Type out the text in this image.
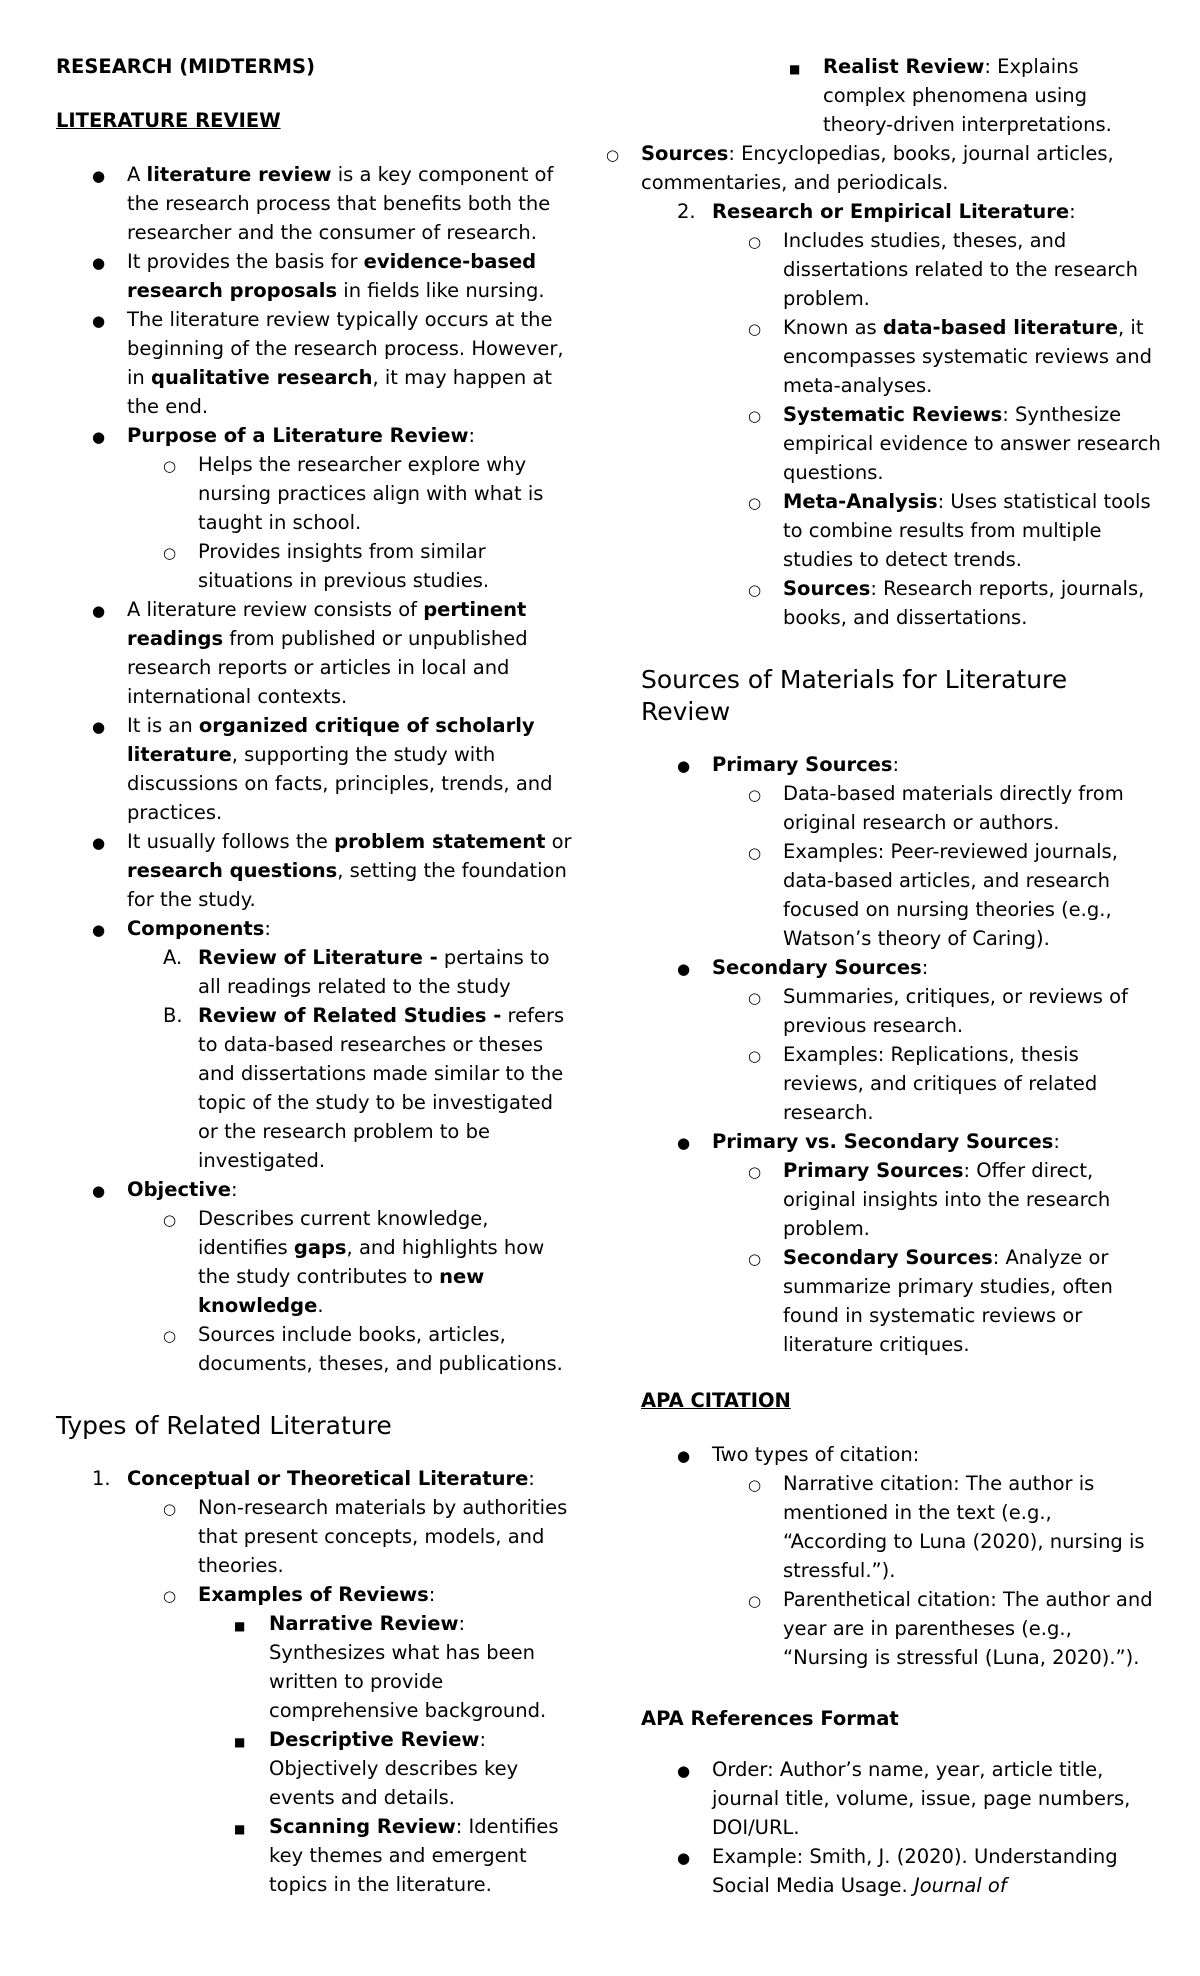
RESEARCH (MIDTERMS)
LITERATURE REVIEW
●
A literature review is a key component of the research process that benefits both the researcher and the consumer of research.
●
It provides the basis for evidence-based research proposals in fields like nursing.
●
The literature review typically occurs at the beginning of the research process. However, in qualitative research, it may happen at the end.
●
Purpose of a Literature Review:
○
Helps the researcher explore why nursing practices align with what is taught in school.
○
Provides insights from similar situations in previous studies.
●
A literature review consists of pertinent readings from published or unpublished research reports or articles in local and international contexts.
●
It is an organized critique of scholarly literature, supporting the study with discussions on facts, principles, trends, and practices.
●
It usually follows the problem statement or research questions, setting the foundation for the study.
●
Components:
A. Review of Literature - pertains to all readings related to the study
B. Review of Related Studies - refers to data-based researches or theses and dissertations made similar to the topic of the study to be investigated or the research problem to be investigated.
●
Objective:
○
Describes current knowledge, identifies gaps, and highlights how the study contributes to new knowledge.
○
Sources include books, articles, documents, theses, and publications.
Types of Related Literature
1. Conceptual or Theoretical Literature:
○
Non-research materials by authorities that present concepts, models, and theories.
○
Examples of Reviews:
■
Narrative Review: Synthesizes what has been written to provide comprehensive background.
■
Descriptive Review: Objectively describes key events and details.
■
Scanning Review: Identifies key themes and emergent topics in the literature.
■
Realist Review: Explains complex phenomena using theory-driven interpretations.
○
Sources: Encyclopedias, books, journal articles, commentaries, and periodicals.
2. Research or Empirical Literature:
○
Includes studies, theses, and dissertations related to the research problem.
○
Known as data-based literature, it encompasses systematic reviews and meta-analyses.
○
Systematic Reviews: Synthesize empirical evidence to answer research questions.
○
Meta-Analysis: Uses statistical tools to combine results from multiple studies to detect trends.
○
Sources: Research reports, journals, books, and dissertations.
Sources of Materials for Literature Review
●
Primary Sources:
○
Data-based materials directly from original research or authors.
○
Examples: Peer-reviewed journals, data-based articles, and research focused on nursing theories (e.g., Watson’s theory of Caring).
●
Secondary Sources:
○
Summaries, critiques, or reviews of previous research.
○
Examples: Replications, thesis reviews, and critiques of related research.
●
Primary vs. Secondary Sources:
○
Primary Sources: Offer direct, original insights into the research problem.
○
Secondary Sources: Analyze or summarize primary studies, often found in systematic reviews or literature critiques.
APA CITATION
●
Two types of citation:
○
Narrative citation: The author is mentioned in the text (e.g., “According to Luna (2020), nursing is stressful.”).
○
Parenthetical citation: The author and year are in parentheses (e.g., “Nursing is stressful (Luna, 2020).”).
APA References Format
●
Order: Author’s name, year, article title, journal title, volume, issue, page numbers, DOI/URL.
●
Example: Smith, J. (2020). Understanding Social Media Usage. Journal of
